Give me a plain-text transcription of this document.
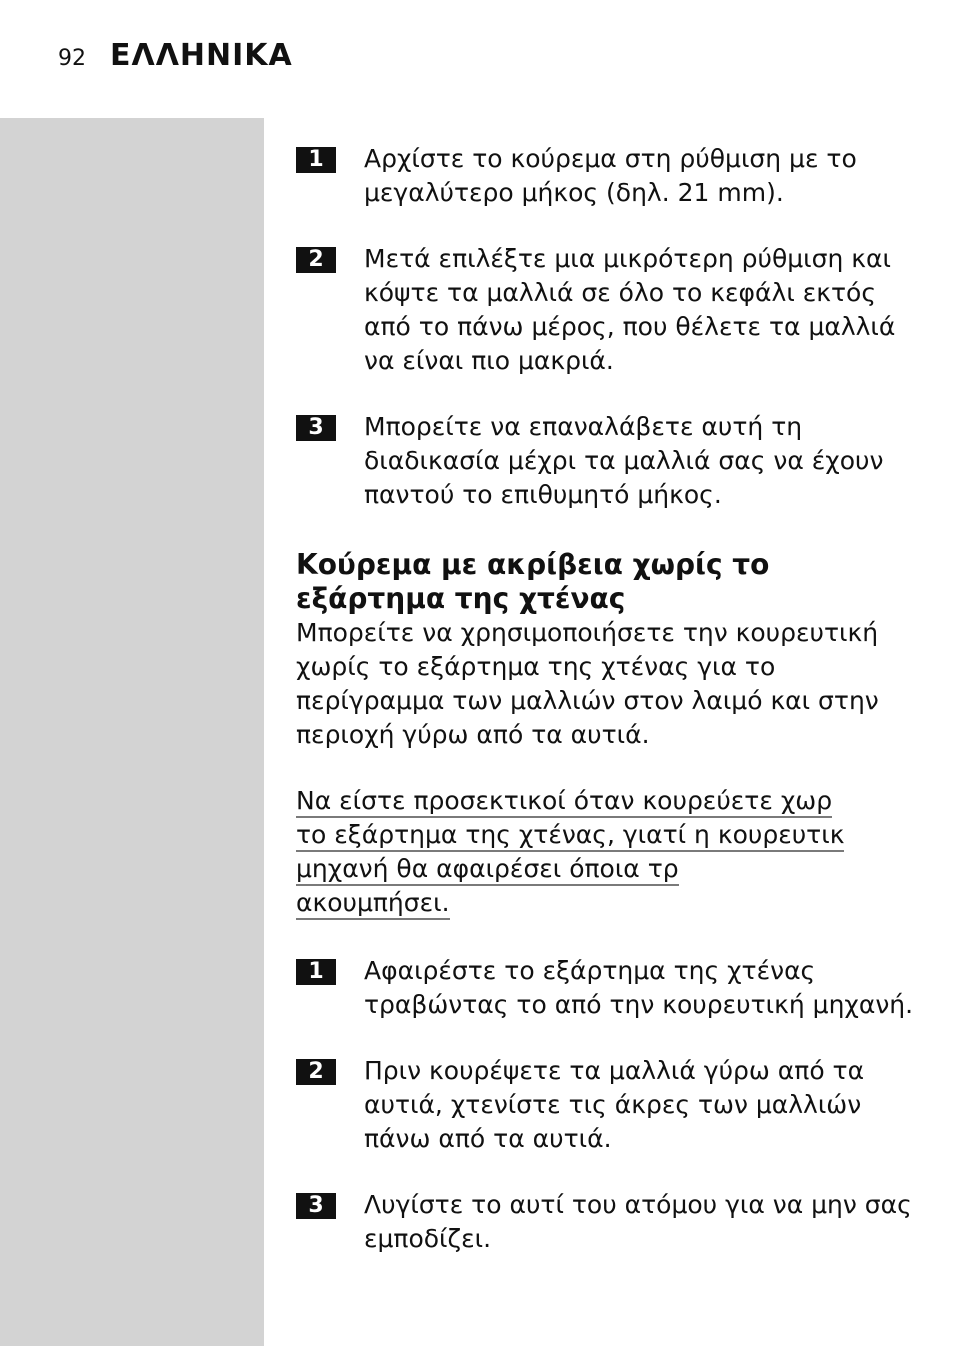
92 ΕΛΛΗΝΙΚΑ
1	Αρχίστε το κούρεμα στη ρύθμιση με το μεγαλύτερο μήκος (δηλ. 21 mm).
2	Μετά επιλέξτε μια μικρότερη ρύθμιση και κόψτε τα μαλλιά σε όλο το κεφάλι εκτός από το πάνω μέρος, που θέλετε τα μαλλιά να είναι πιο μακριά.
3	Μπορείτε να επαναλάβετε αυτή τη διαδικασία μέχρι τα μαλλιά σας να έχουν παντού το επιθυμητό μήκος.
Κούρεμα με ακρίβεια χωρίς το εξάρτημα της χτένας
Μπορείτε να χρησιμοποιήσετε την κουρευτική χωρίς το εξάρτημα της χτένας για το περίγραμμα των μαλλιών στον λαιμό και στην περιοχή γύρω από τα αυτιά.
Να είστε προσεκτικοί όταν κουρεύετε χωρ
το εξάρτημα της χτένας, γιατί η κουρευτικ
μηχανή θα αφαιρέσει όποια τρ
ακουμπήσει.
1	Αφαιρέστε το εξάρτημα της χτένας τραβώντας το από την κουρευτική μηχανή.
2	Πριν κουρέψετε τα μαλλιά γύρω από τα αυτιά, χτενίστε τις άκρες των μαλλιών πάνω από τα αυτιά.
3	Λυγίστε το αυτί του ατόμου για να μην σας εμποδίζει.
